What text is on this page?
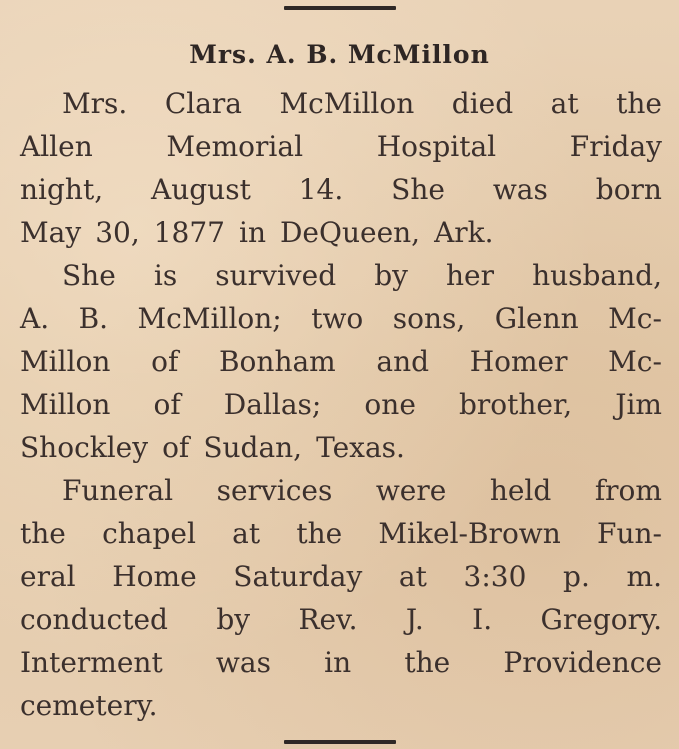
Mrs. A. B. McMillon
Mrs. Clara McMillon died at the
Allen	Memorial	Hospital	Friday
night, August 14. She was born
May 30, 1877 in DeQueen, Ark.
She is survived by her husband,
A. B. McMillon; two sons, Glenn Mc-
Millon of Bonham and Homer Mc-
Millon of Dallas; one brother, Jim
Shockley of Sudan, Texas.
Funeral services were held from
the chapel at the Mikel-Brown Fun-
eral Home Saturday at 3:30 p. m.
conducted by Rev. J. I. Gregory.
Interment was in the Providence
cemetery.
